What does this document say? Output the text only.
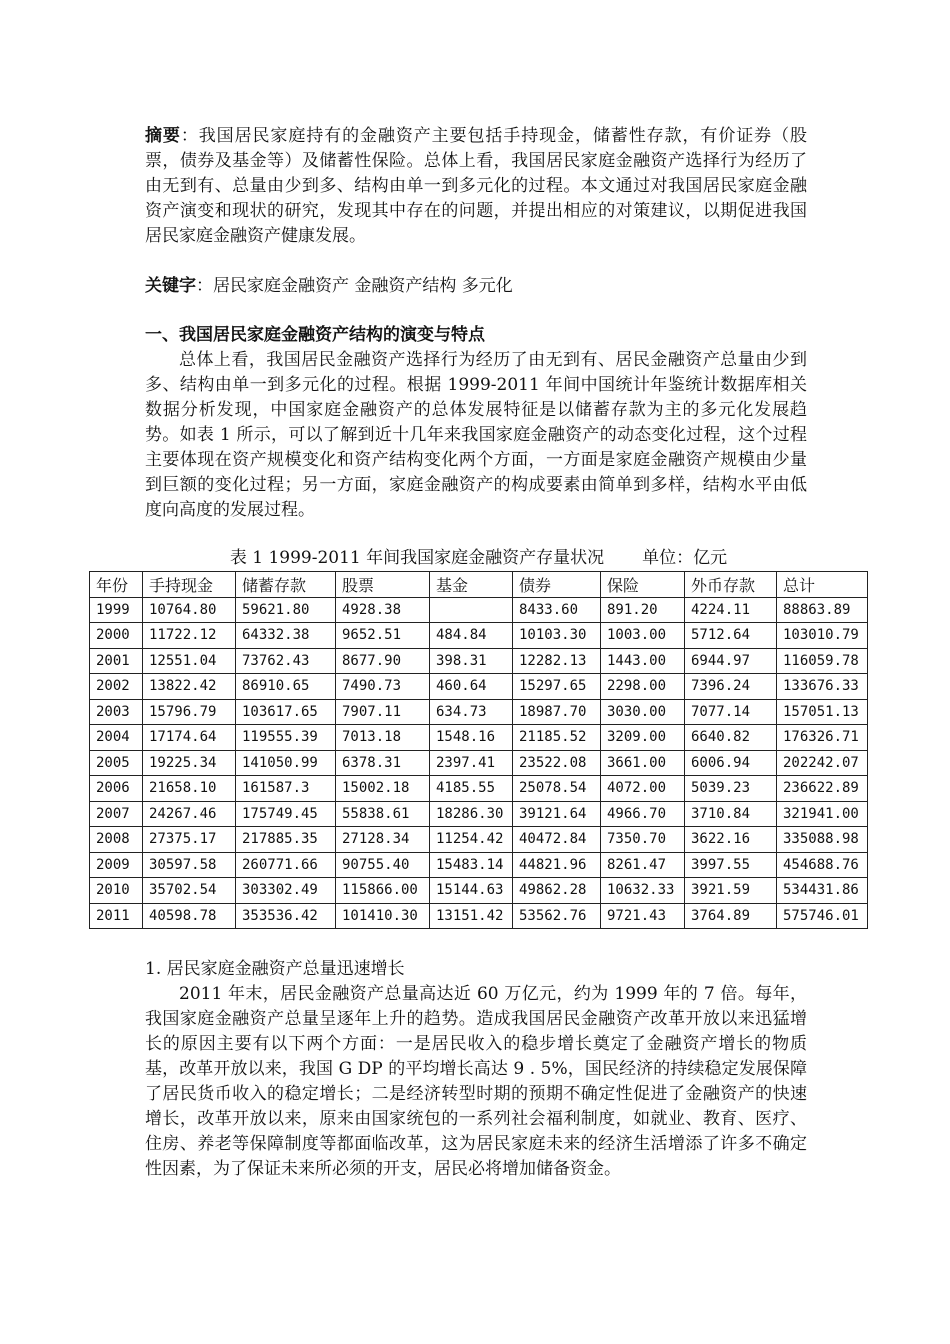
摘要：我国居民家庭持有的金融资产主要包括手持现金，储蓄性存款，有价证券（股票，债券及基金等）及储蓄性保险。总体上看，我国居民家庭金融资产选择行为经历了由无到有、总量由少到多、结构由单一到多元化的过程。本文通过对我国居民家庭金融资产演变和现状的研究，发现其中存在的问题，并提出相应的对策建议，以期促进我国居民家庭金融资产健康发展。

关键字：居民家庭金融资产 金融资产结构 多元化

一、我国居民家庭金融资产结构的演变与特点

总体上看，我国居民金融资产选择行为经历了由无到有、居民金融资产总量由少到多、结构由单一到多元化的过程。根据 1999-2011 年间中国统计年鉴统计数据库相关数据分析发现，中国家庭金融资产的总体发展特征是以储蓄存款为主的多元化发展趋势。如表 1 所示，可以了解到近十几年来我国家庭金融资产的动态变化过程，这个过程主要体现在资产规模变化和资产结构变化两个方面，一方面是家庭金融资产规模由少量到巨额的变化过程；另一方面，家庭金融资产的构成要素由简单到多样，结构水平由低度向高度的发展过程。

表 1 1999-2011 年间我国家庭金融资产存量状况 单位：亿元
年份	手持现金	储蓄存款	股票	基金	债券	保险	外币存款	总计
1999	10764.80	59621.80	4928.38		8433.60	891.20	4224.11	88863.89
2000	11722.12	64332.38	9652.51	484.84	10103.30	1003.00	5712.64	103010.79
2001	12551.04	73762.43	8677.90	398.31	12282.13	1443.00	6944.97	116059.78
2002	13822.42	86910.65	7490.73	460.64	15297.65	2298.00	7396.24	133676.33
2003	15796.79	103617.65	7907.11	634.73	18987.70	3030.00	7077.14	157051.13
2004	17174.64	119555.39	7013.18	1548.16	21185.52	3209.00	6640.82	176326.71
2005	19225.34	141050.99	6378.31	2397.41	23522.08	3661.00	6006.94	202242.07
2006	21658.10	161587.3	15002.18	4185.55	25078.54	4072.00	5039.23	236622.89
2007	24267.46	175749.45	55838.61	18286.30	39121.64	4966.70	3710.84	321941.00
2008	27375.17	217885.35	27128.34	11254.42	40472.84	7350.70	3622.16	335088.98
2009	30597.58	260771.66	90755.40	15483.14	44821.96	8261.47	3997.55	454688.76
2010	35702.54	303302.49	115866.00	15144.63	49862.28	10632.33	3921.59	534431.86
2011	40598.78	353536.42	101410.30	13151.42	53562.76	9721.43	3764.89	575746.01
1. 居民家庭金融资产总量迅速增长

2011 年末，居民金融资产总量高达近 60 万亿元，约为 1999 年的 7 倍。每年，我国家庭金融资产总量呈逐年上升的趋势。造成我国居民金融资产改革开放以来迅猛增长的原因主要有以下两个方面：一是居民收入的稳步增长奠定了金融资产增长的物质基，改革开放以来，我国 G DP 的平均增长高达 9 . 5%，国民经济的持续稳定发展保障了居民货币收入的稳定增长；二是经济转型时期的预期不确定性促进了金融资产的快速增长，改革开放以来，原来由国家统包的一系列社会福利制度，如就业、教育、医疗、住房、养老等保障制度等都面临改革，这为居民家庭未来的经济生活增添了许多不确定性因素，为了保证未来所必须的开支，居民必将增加储备资金。
